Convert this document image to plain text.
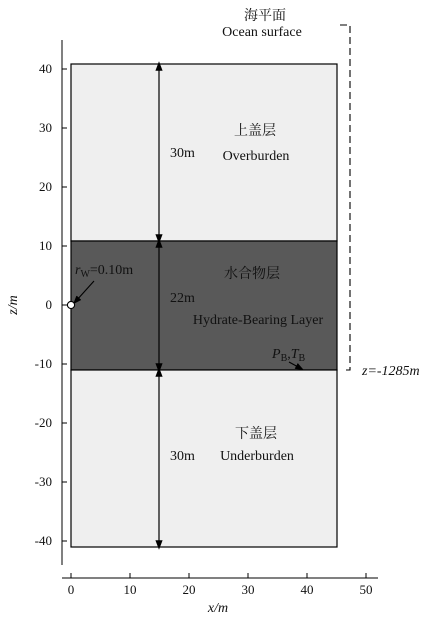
40
30
20
10
0
-10
-20
-30
-40
0	10	20	30	40	50
x/m
z/m
30m
22m
30m
上盖层
Overburden
水合物层
Hydrate-Bearing Layer
下盖层
Underburden
$r_W=0.10m$
$P_B,T_B$
海平面
Ocean surface
z=-1285m
